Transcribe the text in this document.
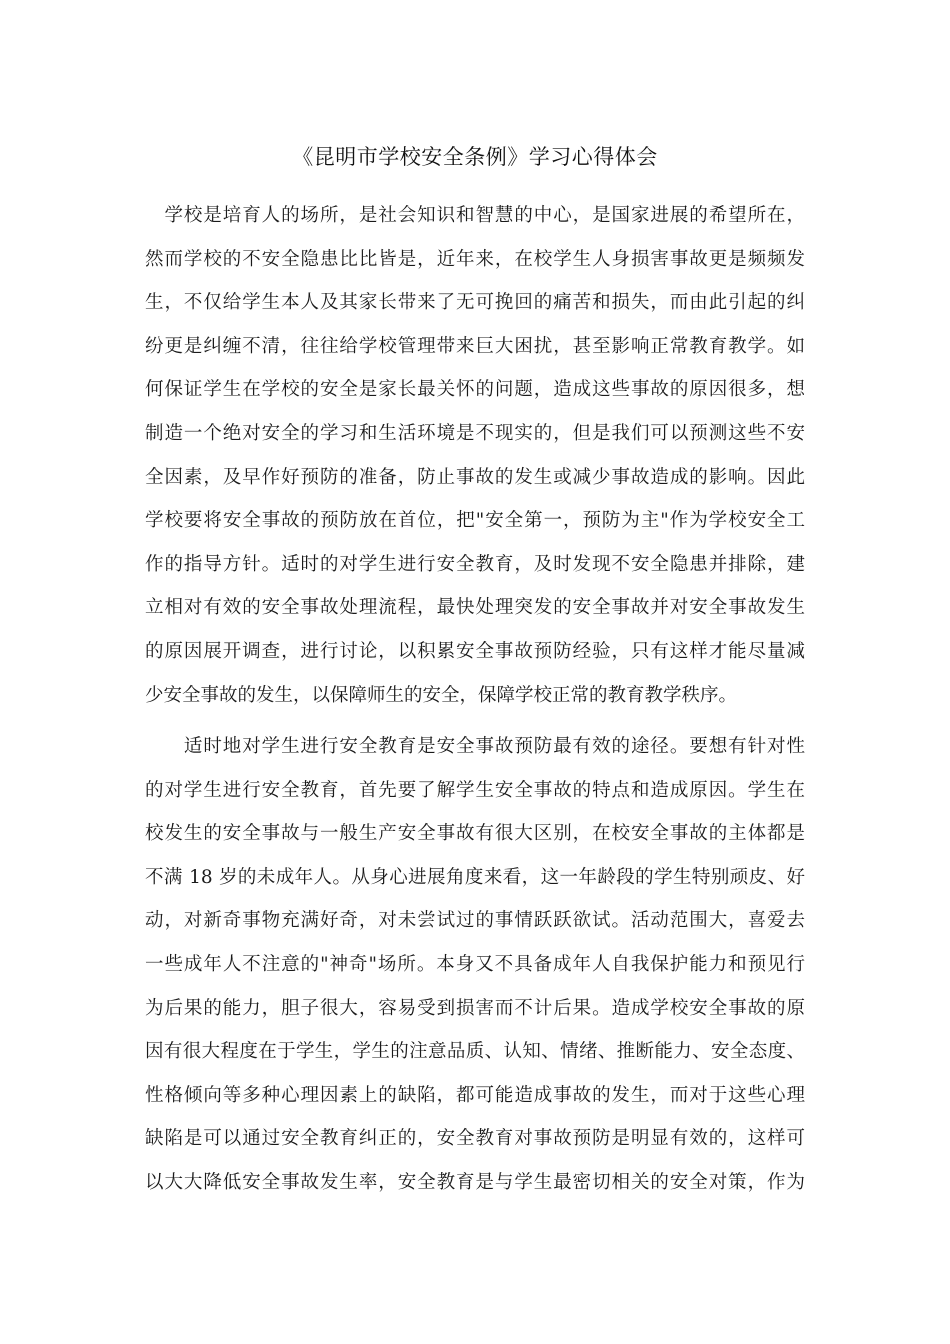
《昆明市学校安全条例》学习心得体会
　学校是培育人的场所，是社会知识和智慧的中心，是国家进展的希望所在，
然而学校的不安全隐患比比皆是，近年来，在校学生人身损害事故更是频频发
生，不仅给学生本人及其家长带来了无可挽回的痛苦和损失，而由此引起的纠
纷更是纠缠不清，往往给学校管理带来巨大困扰，甚至影响正常教育教学。如
何保证学生在学校的安全是家长最关怀的问题，造成这些事故的原因很多，想
制造一个绝对安全的学习和生活环境是不现实的，但是我们可以预测这些不安
全因素，及早作好预防的准备，防止事故的发生或减少事故造成的影响。因此
学校要将安全事故的预防放在首位，把"安全第一，预防为主"作为学校安全工
作的指导方针。适时的对学生进行安全教育，及时发现不安全隐患并排除，建
立相对有效的安全事故处理流程，最快处理突发的安全事故并对安全事故发生
的原因展开调查，进行讨论，以积累安全事故预防经验，只有这样才能尽量减
少安全事故的发生，以保障师生的安全，保障学校正常的教育教学秩序。
　　适时地对学生进行安全教育是安全事故预防最有效的途径。要想有针对性
的对学生进行安全教育，首先要了解学生安全事故的特点和造成原因。学生在
校发生的安全事故与一般生产安全事故有很大区别，在校安全事故的主体都是
不满 18 岁的未成年人。从身心进展角度来看，这一年龄段的学生特别顽皮、好
动，对新奇事物充满好奇，对未尝试过的事情跃跃欲试。活动范围大，喜爱去
一些成年人不注意的"神奇"场所。本身又不具备成年人自我保护能力和预见行
为后果的能力，胆子很大，容易受到损害而不计后果。造成学校安全事故的原
因有很大程度在于学生，学生的注意品质、认知、情绪、推断能力、安全态度、
性格倾向等多种心理因素上的缺陷，都可能造成事故的发生，而对于这些心理
缺陷是可以通过安全教育纠正的，安全教育对事故预防是明显有效的，这样可
以大大降低安全事故发生率，安全教育是与学生最密切相关的安全对策，作为
